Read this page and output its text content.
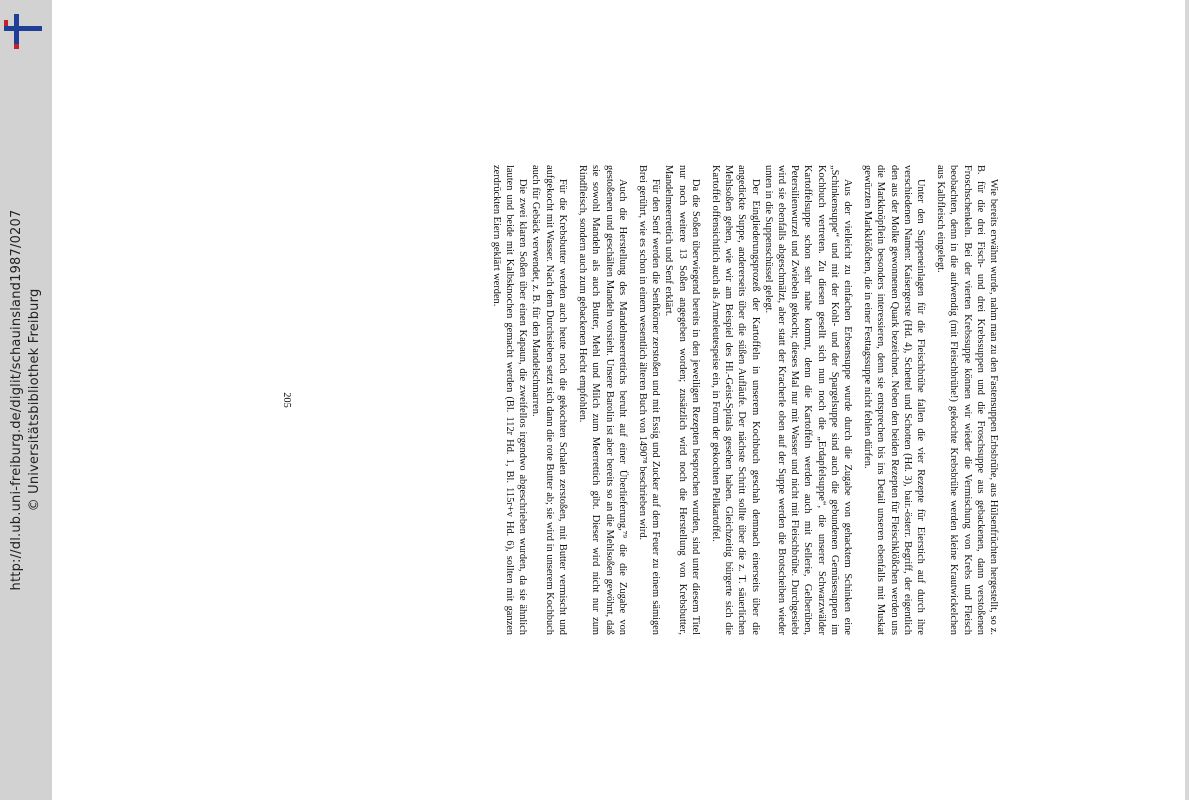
http://dl.ub.uni-freiburg.de/diglit/schauinsland1987/0207 © Universitätsbibliothek Freiburg	Wie bereits erwähnt wurde, nahm man zu den Fastensuppen Erbsbrühe, aus Hülsenfrüchten hergestellt, so z. B. für die drei Fisch- und drei Krebssuppen und die Froschsuppe aus gebackenen, dann verstoßenen Froschschenkeln. Bei der vierten Krebssuppe können wir wieder die Vermischung von Krebs und Fleisch beobachten, denn in die aufwendig (mit Fleischbrühe!) gekochte Krebsbrühe werden kleine Krautwickelchen aus Kalbfleisch eingelegt.

Unter den Suppeneinlagen für die Fleischbrühe fallen die vier Rezepte für Eierstich auf durch ihre verschiedenen Namen: Kaisergerste (Hd. 4), Schettel und Schotten (Hd. 3), bair.-österr. Begriff, der eigentlich den aus der Molke gewonnenen Quark bezeichnet. Neben den beiden Rezepten für Fleischklößchen werden uns die Markknöpflein besonders interessieren, denn sie entsprechen bis ins Detail unseren ebenfalls mit Muskat gewürzten Markklößchen, die in einer Festtagssuppe nicht fehlen dürfen.

Aus der vielleicht zu einfachen Erbsensuppe wurde durch die Zugabe von gehacktem Schinken eine „Schinkensuppe“ und mit der Kohl- und der Spargelsuppe sind auch die gebundenen Gemüsesuppen im Kochbuch vertreten. Zu diesen gesellt sich nun noch die „Erdapfelsuppe“, die unserer Schwarzwälder Kartoffelsuppe schon sehr nahe kommt, denn die Kartoffeln werden auch mit Sellerie, Gelberüben, Petersilienwurzel und Zwiebeln gekocht; dieses Mal nur mit Wasser und nicht mit Fleischbrühe. Durchgesiebt wird sie ebenfalls abgeschmälzt, aber statt der Kracherle oben auf der Suppe werden die Brotscheiben wieder unten in die Suppenschüssel gelegt.

Der Eingliederungsprozeß der Kartoffeln in unserem Kochbuch geschah demnach einerseits über die angedickte Suppe, andererseits über die süßen Aufläufe. Der nächste Schritt sollte über die z. T. säuerlichen Mehlsoßen gehen, wie wir am Beispiel des Hl.-Geist-Spitals gesehen haben. Gleichzeitig bürgerte sich die Kartoffel offensichtlich auch als Armeleutespeise ein, in Form der gekochten Pellkartoffel.

Da die Soßen überwiegend bereits in den jeweiligen Rezepten besprochen wurden, sind unter diesem Titel nur noch weitere 13 Soßen angegeben worden; zusätzlich wird noch die Herstellung von Krebsbutter, Mandelmeerrettich und Senf erklärt.

Für den Senf werden die Senfkörner zerstoßen und mit Essig und Zucker auf dem Feuer zu einem sämigen Brei gerührt, wie es schon in einem wesentlich älteren Buch von 1490⁷⁸ beschrieben wird.

Auch die Herstellung des Mandelmeerrettichs beruht auf einer Überlieferung,⁷⁹ die die Zugabe von gestoßenen und geschälten Mandeln vorsieht. Unsere Barolin ist aber bereits so an die Mehlsoßen gewöhnt, daß sie sowohl Mandeln als auch Butter, Mehl und Milch zum Meerrettich gibt. Dieser wird nicht nur zum Rindfleisch, sondern auch zum gebackenen Hecht empfohlen.

Für die Krebsbutter werden auch heute noch die gekochten Schalen zerstoßen, mit Butter vermischt und aufgekocht mit Wasser. Nach dem Durchsieben setzt sich dann die rote Butter ab; sie wird in unserem Kochbuch auch für Gebäck verwendet, z. B. für den Mandelschmarren.

Die zwei klaren Soßen über einen Kapaun, die zweifellos irgendwo abgeschrieben wurden, da sie ähnlich lauten und beide mit Kalbsknochen gemacht werden (Bl. 112r Hd. 1, Bl. 115r+v Hd. 6), sollten mit ganzen zerdrückten Eiern geklärt werden.

205
